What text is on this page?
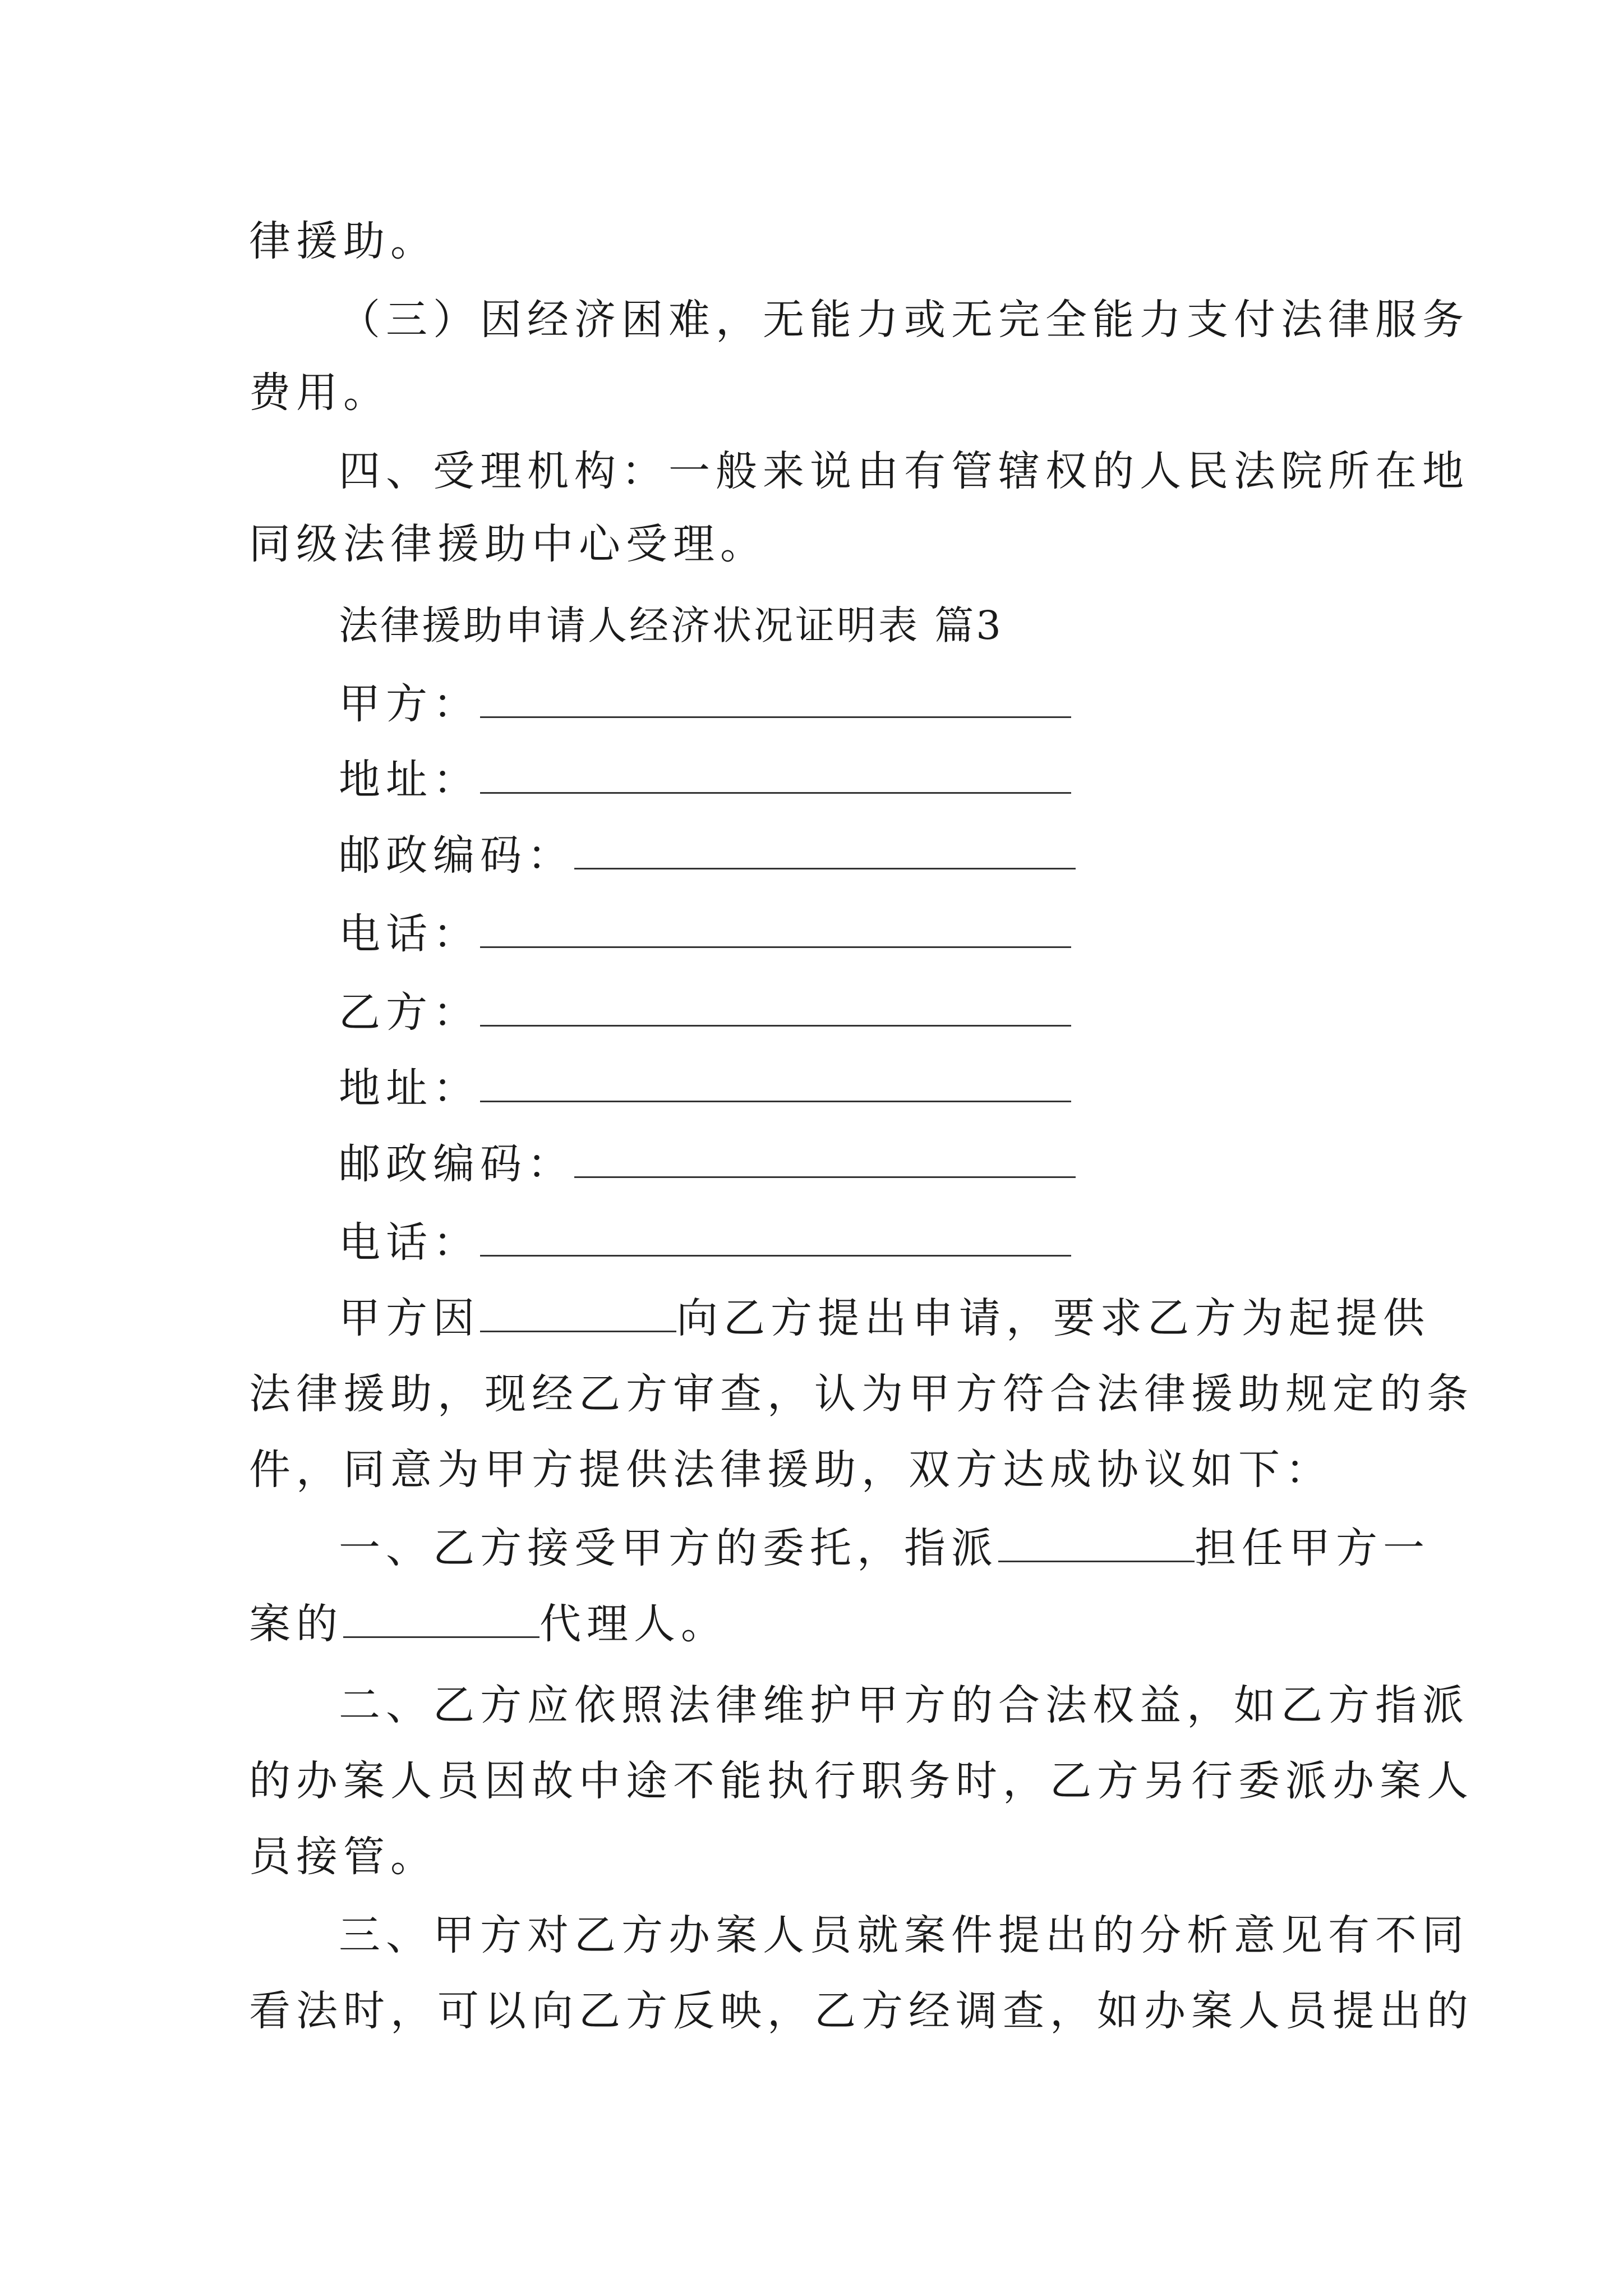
律援助。
（三）因经济困难，无能力或无完全能力支付法律服务
费用。
四、受理机构：一般来说由有管辖权的人民法院所在地
同级法律援助中心受理。
法律援助申请人经济状况证明表 篇3
甲方：
地址：
邮政编码：
电话：
乙方：
地址：
邮政编码：
电话：
甲方因	向乙方提出申请，要求乙方为起提供
法律援助，现经乙方审查，认为甲方符合法律援助规定的条
件，同意为甲方提供法律援助，双方达成协议如下：
一、乙方接受甲方的委托，指派	担任甲方一
案的	代理人。
二、乙方应依照法律维护甲方的合法权益，如乙方指派
的办案人员因故中途不能执行职务时，乙方另行委派办案人
员接管。
三、甲方对乙方办案人员就案件提出的分析意见有不同
看法时，可以向乙方反映，乙方经调查，如办案人员提出的
